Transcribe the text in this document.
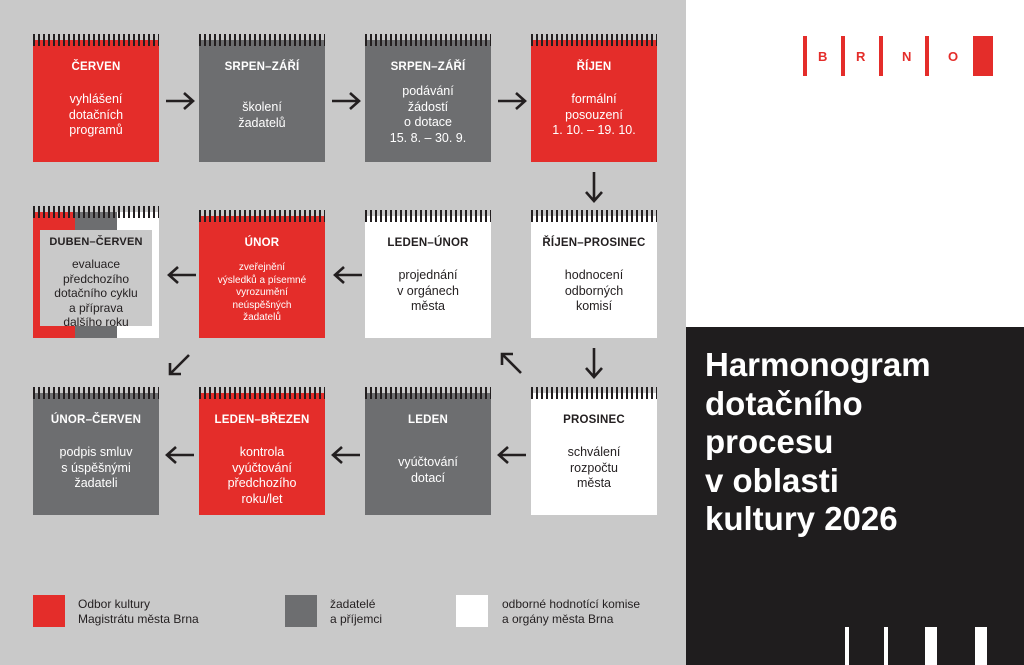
B R	N	O
Harmonogram
dotačního
procesu
v oblasti
kultury 2026
ČERVEN
vyhlášení
dotačních
programů
SRPEN–ZÁŘÍ
školení
žadatelů
SRPEN–ZÁŘÍ
podávání
žádostí
o dotace
15. 8. – 30. 9.
ŘÍJEN
formální
posouzení
1. 10. – 19. 10.
DUBEN–ČERVEN
evaluace
předchozího
dotačního cyklu
a příprava
dalšího roku
ÚNOR
zveřejnění
výsledků a písemné
vyrozumění
neúspěšných
žadatelů
LEDEN–ÚNOR
projednání
v orgánech
města
ŘÍJEN–PROSINEC
hodnocení
odborných
komisí
ÚNOR–ČERVEN
podpis smluv
s úspěšnými
žadateli
LEDEN–BŘEZEN
kontrola
vyúčtování
předchozího
roku/let
LEDEN
vyúčtování
dotací
PROSINEC
schválení
rozpočtu
města
Odbor kultury
Magistrátu města Brna
žadatelé
a příjemci
odborné hodnotící komise
a orgány města Brna
